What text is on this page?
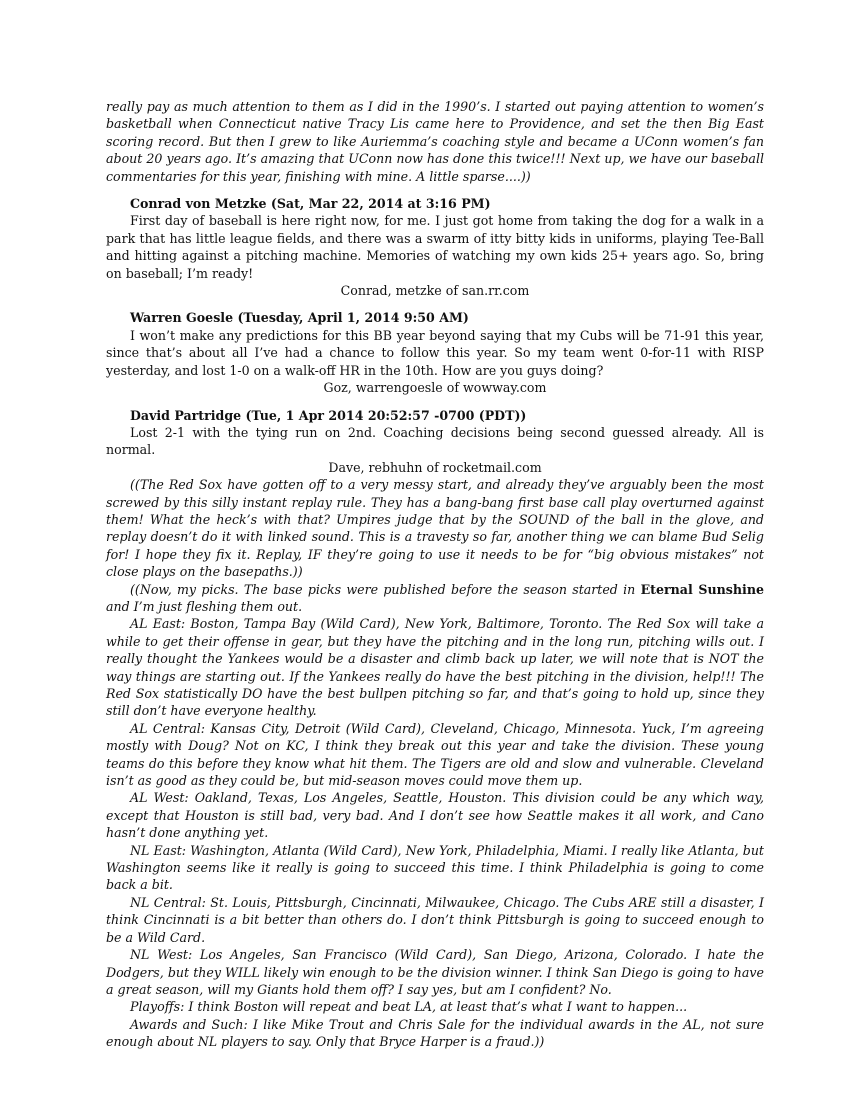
really pay as much attention to them as I did in the 1990’s. I started out paying attention to women’s basketball when Connecticut native Tracy Lis came here to Providence, and set the then Big East scoring record. But then I grew to like Auriemma’s coaching style and became a UConn women’s fan about 20 years ago. It’s amazing that UConn now has done this twice!!! Next up, we have our baseball commentaries for this year, finishing with mine. A little sparse....))

Conrad von Metzke (Sat, Mar 22, 2014 at 3:16 PM)

First day of baseball is here right now, for me. I just got home from taking the dog for a walk in a park that has little league fields, and there was a swarm of itty bitty kids in uniforms, playing Tee-Ball and hitting against a pitching machine. Memories of watching my own kids 25+ years ago. So, bring on baseball; I’m ready!

Conrad, metzke of san.rr.com

Warren Goesle (Tuesday, April 1, 2014 9:50 AM)

I won’t make any predictions for this BB year beyond saying that my Cubs will be 71-91 this year, since that’s about all I’ve had a chance to follow this year. So my team went 0-for-11 with RISP yesterday, and lost 1-0 on a walk-off HR in the 10th. How are you guys doing?

Goz, warrengoesle of wowway.com

David Partridge (Tue, 1 Apr 2014 20:52:57 -0700 (PDT))

Lost 2-1 with the tying run on 2nd. Coaching decisions being second guessed already. All is normal.

Dave, rebhuhn of rocketmail.com

((The Red Sox have gotten off to a very messy start, and already they’ve arguably been the most screwed by this silly instant replay rule. They has a bang-bang first base call play overturned against them! What the heck’s with that? Umpires judge that by the SOUND of the ball in the glove, and replay doesn’t do it with linked sound. This is a travesty so far, another thing we can blame Bud Selig for! I hope they fix it. Replay, IF they’re going to use it needs to be for “big obvious mistakes” not close plays on the basepaths.))

((Now, my picks. The base picks were published before the season started in Eternal Sunshine and I’m just fleshing them out.

AL East: Boston, Tampa Bay (Wild Card), New York, Baltimore, Toronto. The Red Sox will take a while to get their offense in gear, but they have the pitching and in the long run, pitching wills out. I really thought the Yankees would be a disaster and climb back up later, we will note that is NOT the way things are starting out. If the Yankees really do have the best pitching in the division, help!!! The Red Sox statistically DO have the best bullpen pitching so far, and that’s going to hold up, since they still don’t have everyone healthy.

AL Central: Kansas City, Detroit (Wild Card), Cleveland, Chicago, Minnesota. Yuck, I’m agreeing mostly with Doug? Not on KC, I think they break out this year and take the division. These young teams do this before they know what hit them. The Tigers are old and slow and vulnerable. Cleveland isn’t as good as they could be, but mid-season moves could move them up.

AL West: Oakland, Texas, Los Angeles, Seattle, Houston. This division could be any which way, except that Houston is still bad, very bad. And I don’t see how Seattle makes it all work, and Cano hasn’t done anything yet.

NL East: Washington, Atlanta (Wild Card), New York, Philadelphia, Miami. I really like Atlanta, but Washington seems like it really is going to succeed this time. I think Philadelphia is going to come back a bit.

NL Central: St. Louis, Pittsburgh, Cincinnati, Milwaukee, Chicago. The Cubs ARE still a disaster, I think Cincinnati is a bit better than others do. I don’t think Pittsburgh is going to succeed enough to be a Wild Card.

NL West: Los Angeles, San Francisco (Wild Card), San Diego, Arizona, Colorado. I hate the Dodgers, but they WILL likely win enough to be the division winner. I think San Diego is going to have a great season, will my Giants hold them off? I say yes, but am I confident? No.

Playoffs: I think Boston will repeat and beat LA, at least that’s what I want to happen...

Awards and Such: I like Mike Trout and Chris Sale for the individual awards in the AL, not sure enough about NL players to say. Only that Bryce Harper is a fraud.))
